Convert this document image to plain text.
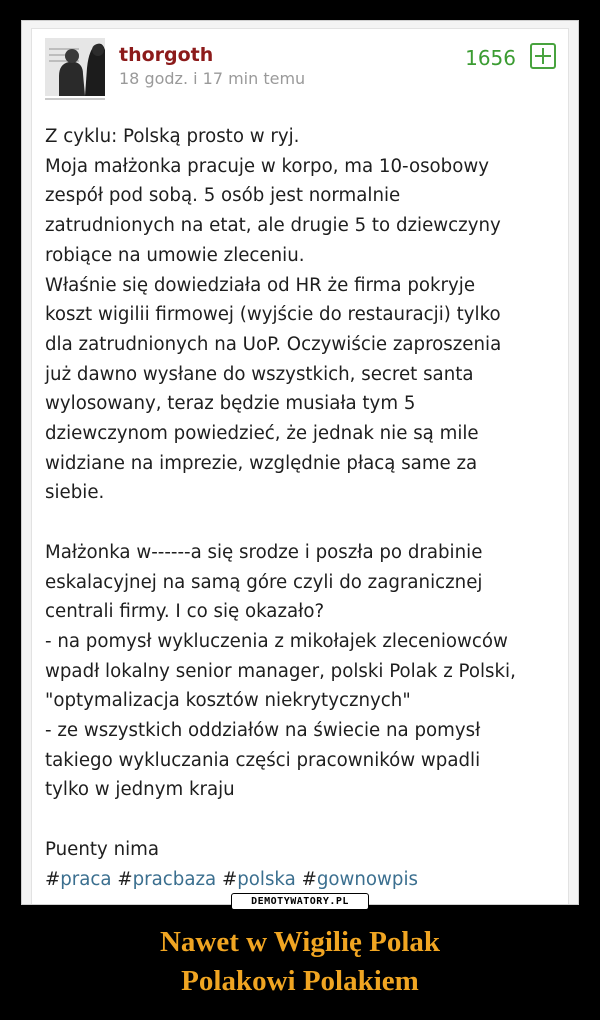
thorgoth
18 godz. i 17 min temu
1656
Z cyklu: Polską prosto w ryj.
Moja małżonka pracuje w korpo, ma 10-osobowy
zespół pod sobą. 5 osób jest normalnie
zatrudnionych na etat, ale drugie 5 to dziewczyny
robiące na umowie zleceniu.
Właśnie się dowiedziała od HR że firma pokryje
koszt wigilii firmowej (wyjście do restauracji) tylko
dla zatrudnionych na UoP. Oczywiście zaproszenia
już dawno wysłane do wszystkich, secret santa
wylosowany, teraz będzie musiała tym 5
dziewczynom powiedzieć, że jednak nie są mile
widziane na imprezie, względnie płacą same za
siebie.
Małżonka w------a się srodze i poszła po drabinie
eskalacyjnej na samą góre czyli do zagranicznej
centrali firmy. I co się okazało?
- na pomysł wykluczenia z mikołajek zleceniowców
wpadł lokalny senior manager, polski Polak z Polski,
"optymalizacja kosztów niekrytycznych"
- ze wszystkich oddziałów na świecie na pomysł
takiego wykluczania części pracowników wpadli
tylko w jednym kraju
Puenty nima
#praca #pracbaza #polska #gownowpis
DEMOTYWATORY.PL
Nawet w Wigilię Polak
Polakowi Polakiem
